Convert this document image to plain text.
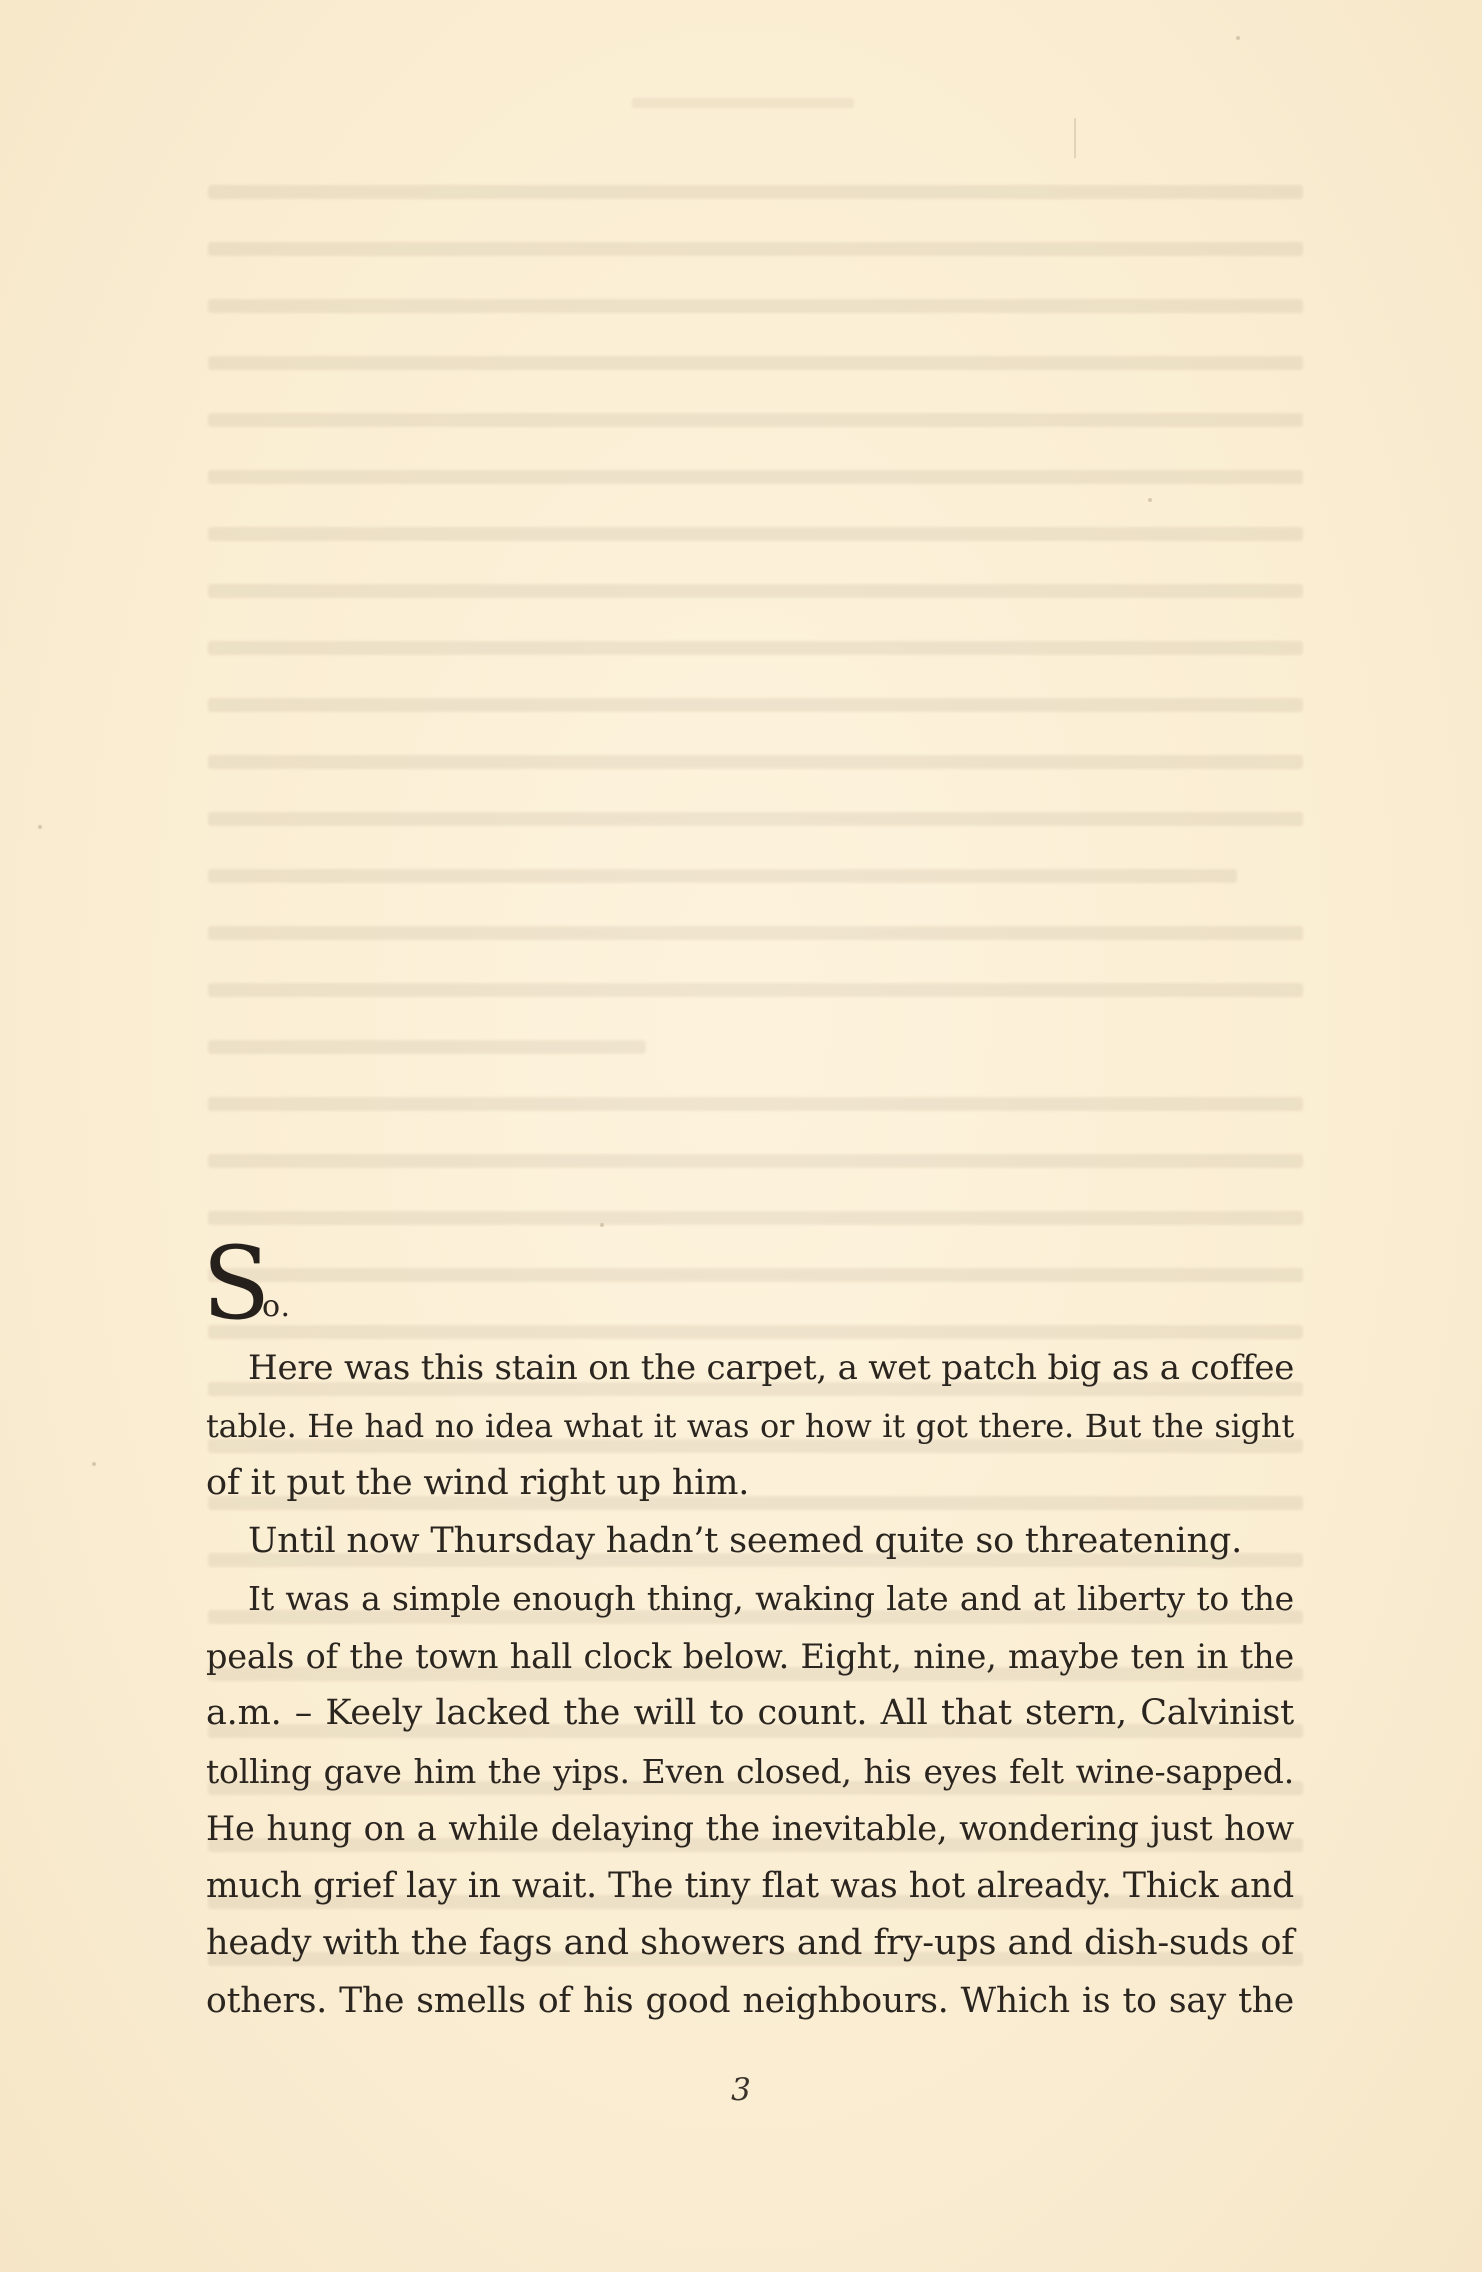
S
o.

Here was this stain on the carpet, a wet patch big as a coffee
table. He had no idea what it was or how it got there. But the sight
of it put the wind right up him.

Until now Thursday hadn’t seemed quite so threatening.

It was a simple enough thing, waking late and at liberty to the
peals of the town hall clock below. Eight, nine, maybe ten in the
a.m. – Keely lacked the will to count. All that stern, Calvinist
tolling gave him the yips. Even closed, his eyes felt wine-sapped.
He hung on a while delaying the inevitable, wondering just how
much grief lay in wait. The tiny flat was hot already. Thick and
heady with the fags and showers and fry-ups and dish-suds of
others. The smells of his good neighbours. Which is to say the

3
